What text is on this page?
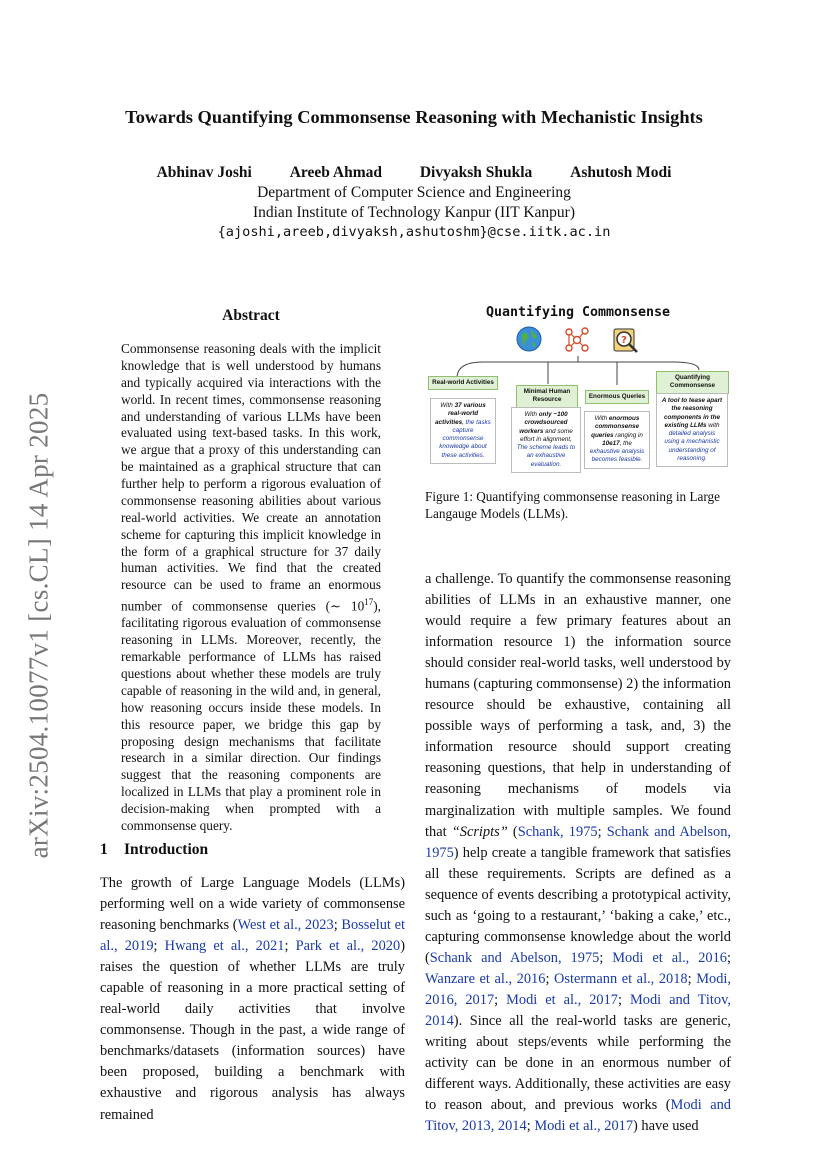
arXiv:2504.10077v1 [cs.CL] 14 Apr 2025
Towards Quantifying Commonsense Reasoning with Mechanistic Insights
Abhinav Joshi Areeb Ahmad Divyaksh Shukla Ashutosh Modi
Department of Computer Science and Engineering
Indian Institute of Technology Kanpur (IIT Kanpur)
{ajoshi,areeb,divyaksh,ashutoshm}@cse.iitk.ac.in
Abstract
Commonsense reasoning deals with the implicit knowledge that is well understood by humans and typically acquired via interactions with the world. In recent times, commonsense reasoning and understanding of various LLMs have been evaluated using text-based tasks. In this work, we argue that a proxy of this understanding can be maintained as a graphical structure that can further help to perform a rigorous evaluation of commonsense reasoning abilities about various real-world activities. We create an annotation scheme for capturing this implicit knowledge in the form of a graphical structure for 37 daily human activities. We find that the created resource can be used to frame an enormous number of commonsense queries (∼ $10^{17}$), facilitating rigorous evaluation of commonsense reasoning in LLMs. Moreover, recently, the remarkable performance of LLMs has raised questions about whether these models are truly capable of reasoning in the wild and, in general, how reasoning occurs inside these models. In this resource paper, we bridge this gap by proposing design mechanisms that facilitate research in a similar direction. Our findings suggest that the reasoning components are localized in LLMs that play a prominent role in decision-making when prompted with a commonsense query.
1 Introduction
The growth of Large Language Models (LLMs) performing well on a wide variety of commonsense reasoning benchmarks (West et al., 2023; Bosselut et al., 2019; Hwang et al., 2021; Park et al., 2020) raises the question of whether LLMs are truly capable of reasoning in a more practical setting of real-world daily activities that involve commonsense. Though in the past, a wide range of benchmarks/datasets (information sources) have been proposed, building a benchmark with exhaustive and rigorous analysis has always remained
a challenge. To quantify the commonsense reasoning abilities of LLMs in an exhaustive manner, one would require a few primary features about an information resource 1) the information source should consider real-world tasks, well understood by humans (capturing commonsense) 2) the information resource should be exhaustive, containing all possible ways of performing a task, and, 3) the information resource should support creating reasoning questions, that help in understanding of reasoning mechanisms of models via marginalization with multiple samples. We found that “Scripts” (Schank, 1975; Schank and Abelson, 1975) help create a tangible framework that satisfies all these requirements. Scripts are defined as a sequence of events describing a prototypical activity, such as ‘going to a restaurant,’ ‘baking a cake,’ etc., capturing commonsense knowledge about the world (Schank and Abelson, 1975; Modi et al., 2016; Wanzare et al., 2016; Ostermann et al., 2018; Modi, 2016, 2017; Modi et al., 2017; Modi and Titov, 2014). Since all the real-world tasks are generic, writing about steps/events while performing the activity can be done in an enormous number of different ways. Additionally, these activities are easy to reason about, and previous works (Modi and Titov, 2013, 2014; Modi et al., 2017) have used
Quantifying Commonsense
?
Real-world Activities
Minimal Human Resource	Enormous Queries
Quantifying Commonsense
With 37 various real-world activities, the tasks capture commonsense knowledge about these activities.
With only ~100 crowdsourced workers and some effort in alignment, The scheme leads to an exhaustive evaluation.
With enormous commonsense queries ranging in 10e17, the exhaustive analysis becomes feasible.
A tool to tease apart the reasoning components in the existing LLMs with detailed analysis using a mechanistic understanding of reasoning.
Figure 1: Quantifying commonsense reasoning in Large Langauge Models (LLMs).
